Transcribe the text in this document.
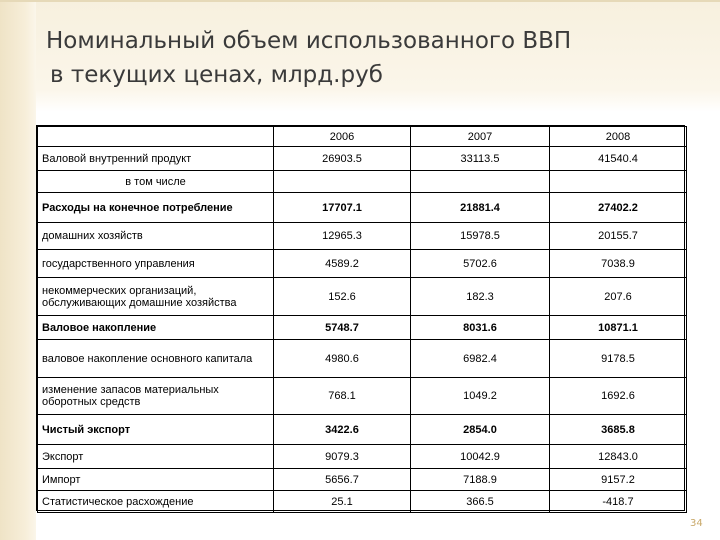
Номинальный объем использованного ВВП
в текущих ценах, млрд.руб
	2006	2007	2008
Валовой внутренний продукт	26903.5	33113.5	41540.4
в том числе			
Расходы на конечное потребление	17707.1	21881.4	27402.2
домашних хозяйств	12965.3	15978.5	20155.7
государственного управления	4589.2	5702.6	7038.9
некоммерческих организаций, обслуживающих домашние хозяйства	152.6	182.3	207.6
Валовое накопление	5748.7	8031.6	10871.1
валовое накопление основного капитала	4980.6	6982.4	9178.5
изменение запасов материальных оборотных средств	768.1	1049.2	1692.6
Чистый экспорт	3422.6	2854.0	3685.8
Экспорт	9079.3	10042.9	12843.0
Импорт	5656.7	7188.9	9157.2
Статистическое расхождение	25.1	366.5	-418.7
34
